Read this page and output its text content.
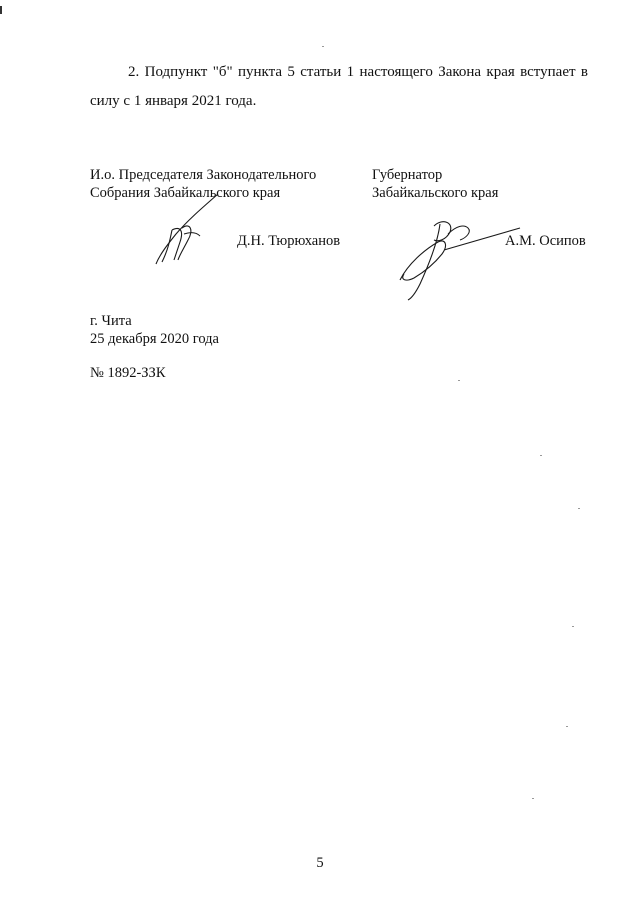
2. Подпункт "б" пункта 5 статьи 1 настоящего Закона края вступает в силу с 1 января 2021 года.

И.о. Председателя Законодательного
Собрания Забайкальского края
Губернатор
Забайкальского края
Д.Н. Тюрюханов	А.М. Осипов
г. Чита
25 декабря 2020 года
№ 1892-ЗЗК
5
